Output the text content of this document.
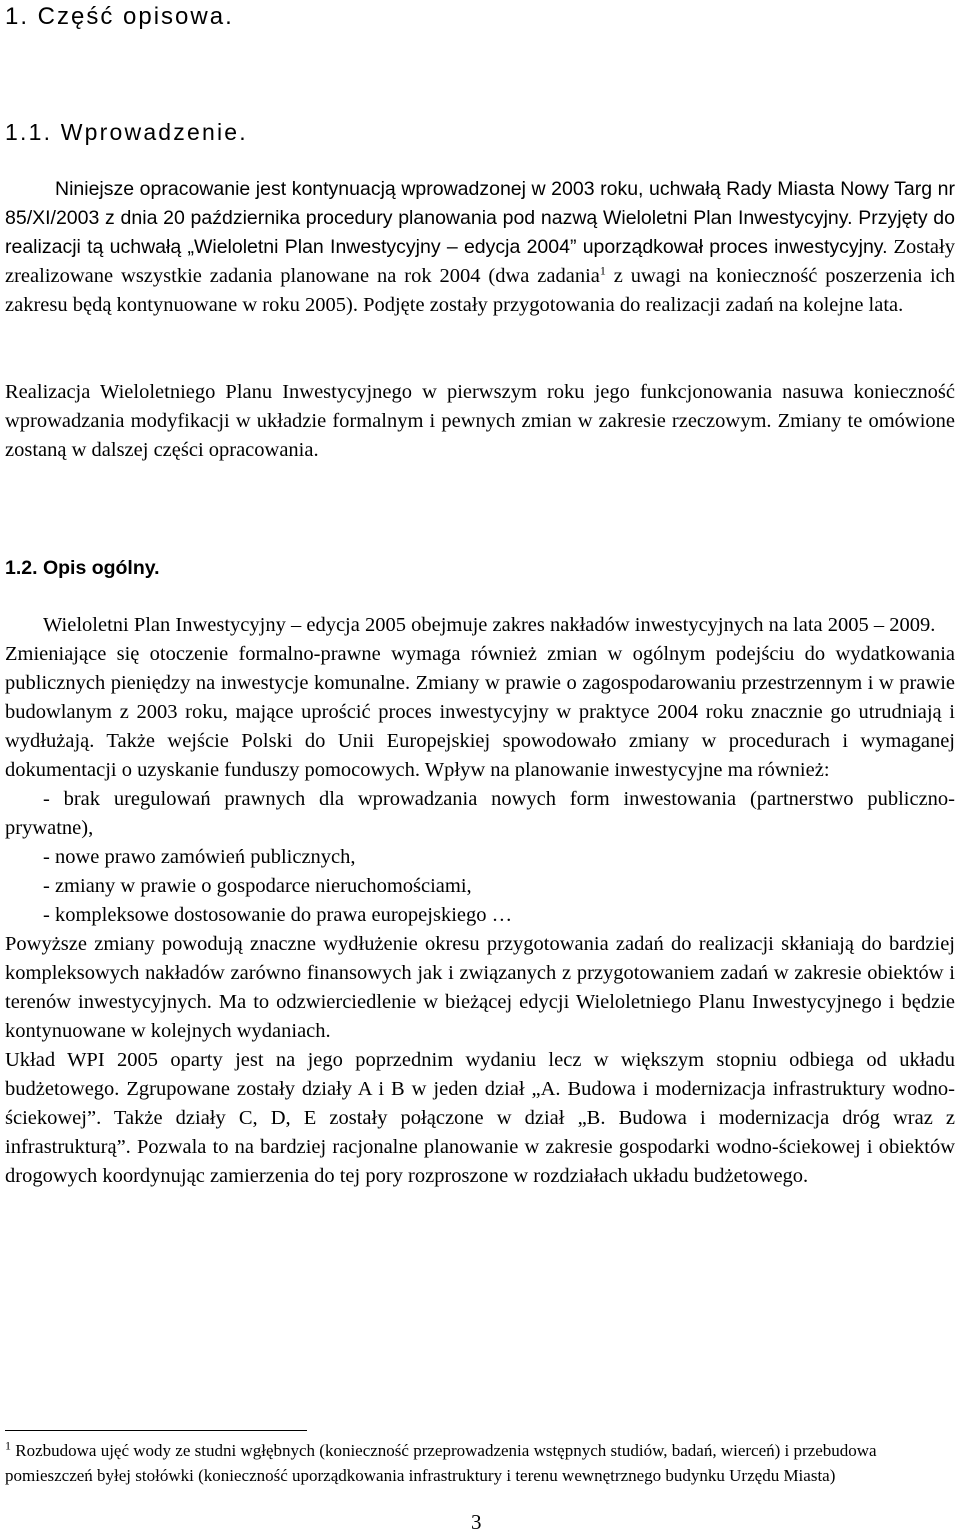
1. Część opisowa.
1.1. Wprowadzenie.

Niniejsze opracowanie jest kontynuacją wprowadzonej w 2003 roku, uchwałą Rady Miasta Nowy Targ nr 85/XI/2003 z dnia 20 października procedury planowania pod nazwą Wieloletni Plan Inwestycyjny. Przyjęty do realizacji tą uchwałą „Wieloletni Plan Inwestycyjny – edycja 2004” uporządkował proces inwestycyjny. Zostały zrealizowane wszystkie zadania planowane na rok 2004 (dwa zadania$^1$ z uwagi na konieczność poszerzenia ich zakresu będą kontynuowane w roku 2005). Podjęte zostały przygotowania do realizacji zadań na kolejne lata.

Realizacja Wieloletniego Planu Inwestycyjnego w pierwszym roku jego funkcjonowania nasuwa konieczność wprowadzania modyfikacji w układzie formalnym i pewnych zmian w zakresie rzeczowym. Zmiany te omówione zostaną w dalszej części opracowania.

1.2. Opis ogólny.
Wieloletni Plan Inwestycyjny – edycja 2005 obejmuje zakres nakładów inwestycyjnych na lata 2005 – 2009.
Zmieniające się otoczenie formalno-prawne wymaga również zmian w ogólnym podejściu do wydatkowania publicznych pieniędzy na inwestycje komunalne. Zmiany w prawie o zagospodarowaniu przestrzennym i w prawie budowlanym z 2003 roku, mające uprościć proces inwestycyjny w praktyce 2004 roku znacznie go utrudniają i wydłużają. Także wejście Polski do Unii Europejskiej spowodowało zmiany w procedurach i wymaganej dokumentacji o uzyskanie funduszy pomocowych. Wpływ na planowanie inwestycyjne ma również:
- brak uregulowań prawnych dla wprowadzania nowych form inwestowania (partnerstwo publiczno-prywatne),
- nowe prawo zamówień publicznych,
- zmiany w prawie o gospodarce nieruchomościami,
- kompleksowe dostosowanie do prawa europejskiego …
Powyższe zmiany powodują znaczne wydłużenie okresu przygotowania zadań do realizacji skłaniają do bardziej kompleksowych nakładów zarówno finansowych jak i związanych z przygotowaniem zadań w zakresie obiektów i terenów inwestycyjnych. Ma to odzwierciedlenie w bieżącej edycji Wieloletniego Planu Inwestycyjnego i będzie kontynuowane w kolejnych wydaniach.
Układ WPI 2005 oparty jest na jego poprzednim wydaniu lecz w większym stopniu odbiega od układu budżetowego. Zgrupowane zostały działy A i B w jeden dział „A. Budowa i modernizacja infrastruktury wodno-ściekowej”. Także działy C, D, E zostały połączone w dział „B. Budowa i modernizacja dróg wraz z infrastrukturą”. Pozwala to na bardziej racjonalne planowanie w zakresie gospodarki wodno-ściekowej i obiektów drogowych koordynując zamierzenia do tej pory rozproszone w rozdziałach układu budżetowego.

$^1$ Rozbudowa ujęć wody ze studni wgłębnych (konieczność przeprowadzenia wstępnych studiów, badań, wierceń) i przebudowa pomieszczeń byłej stołówki (konieczność uporządkowania infrastruktury i terenu wewnętrznego budynku Urzędu Miasta)

3
